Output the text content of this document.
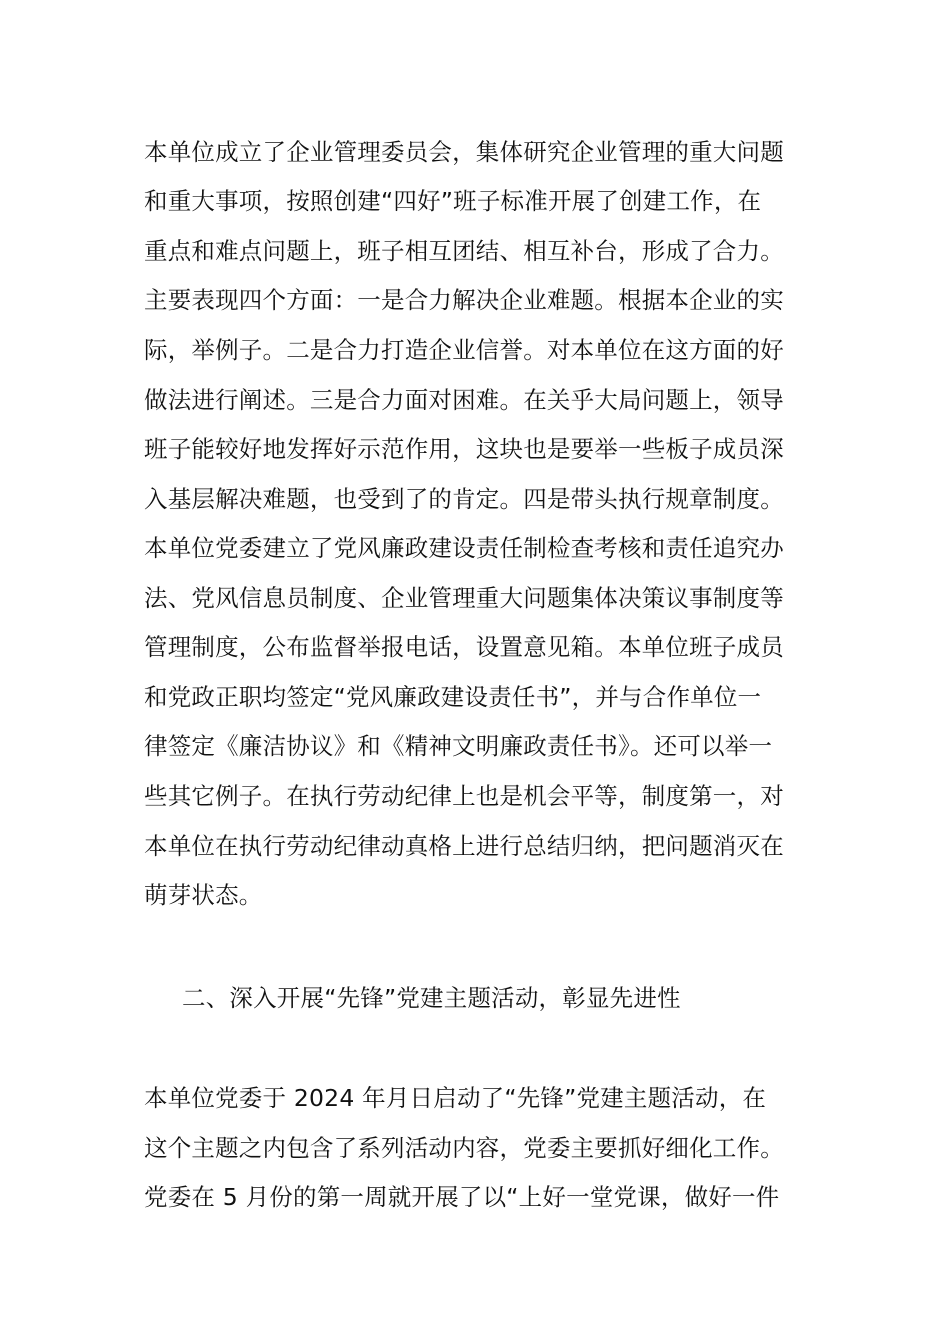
本单位成立了企业管理委员会，集体研究企业管理的重大问题
和重大事项，按照创建“四好”班子标准开展了创建工作，在
重点和难点问题上，班子相互团结、相互补台，形成了合力。
主要表现四个方面：一是合力解决企业难题。根据本企业的实
际，举例子。二是合力打造企业信誉。对本单位在这方面的好
做法进行阐述。三是合力面对困难。在关乎大局问题上，领导
班子能较好地发挥好示范作用，这块也是要举一些板子成员深
入基层解决难题，也受到了的肯定。四是带头执行规章制度。
本单位党委建立了党风廉政建设责任制检查考核和责任追究办
法、党风信息员制度、企业管理重大问题集体决策议事制度等
管理制度，公布监督举报电话，设置意见箱。本单位班子成员
和党政正职均签定“党风廉政建设责任书”，并与合作单位一
律签定《廉洁协议》和《精神文明廉政责任书》。还可以举一
些其它例子。在执行劳动纪律上也是机会平等，制度第一，对
本单位在执行劳动纪律动真格上进行总结归纳，把问题消灭在
萌芽状态。
二、深入开展“先锋”党建主题活动，彰显先进性
本单位党委于 2024 年月日启动了“先锋”党建主题活动，在
这个主题之内包含了系列活动内容，党委主要抓好细化工作。
党委在 5 月份的第一周就开展了以“上好一堂党课，做好一件
